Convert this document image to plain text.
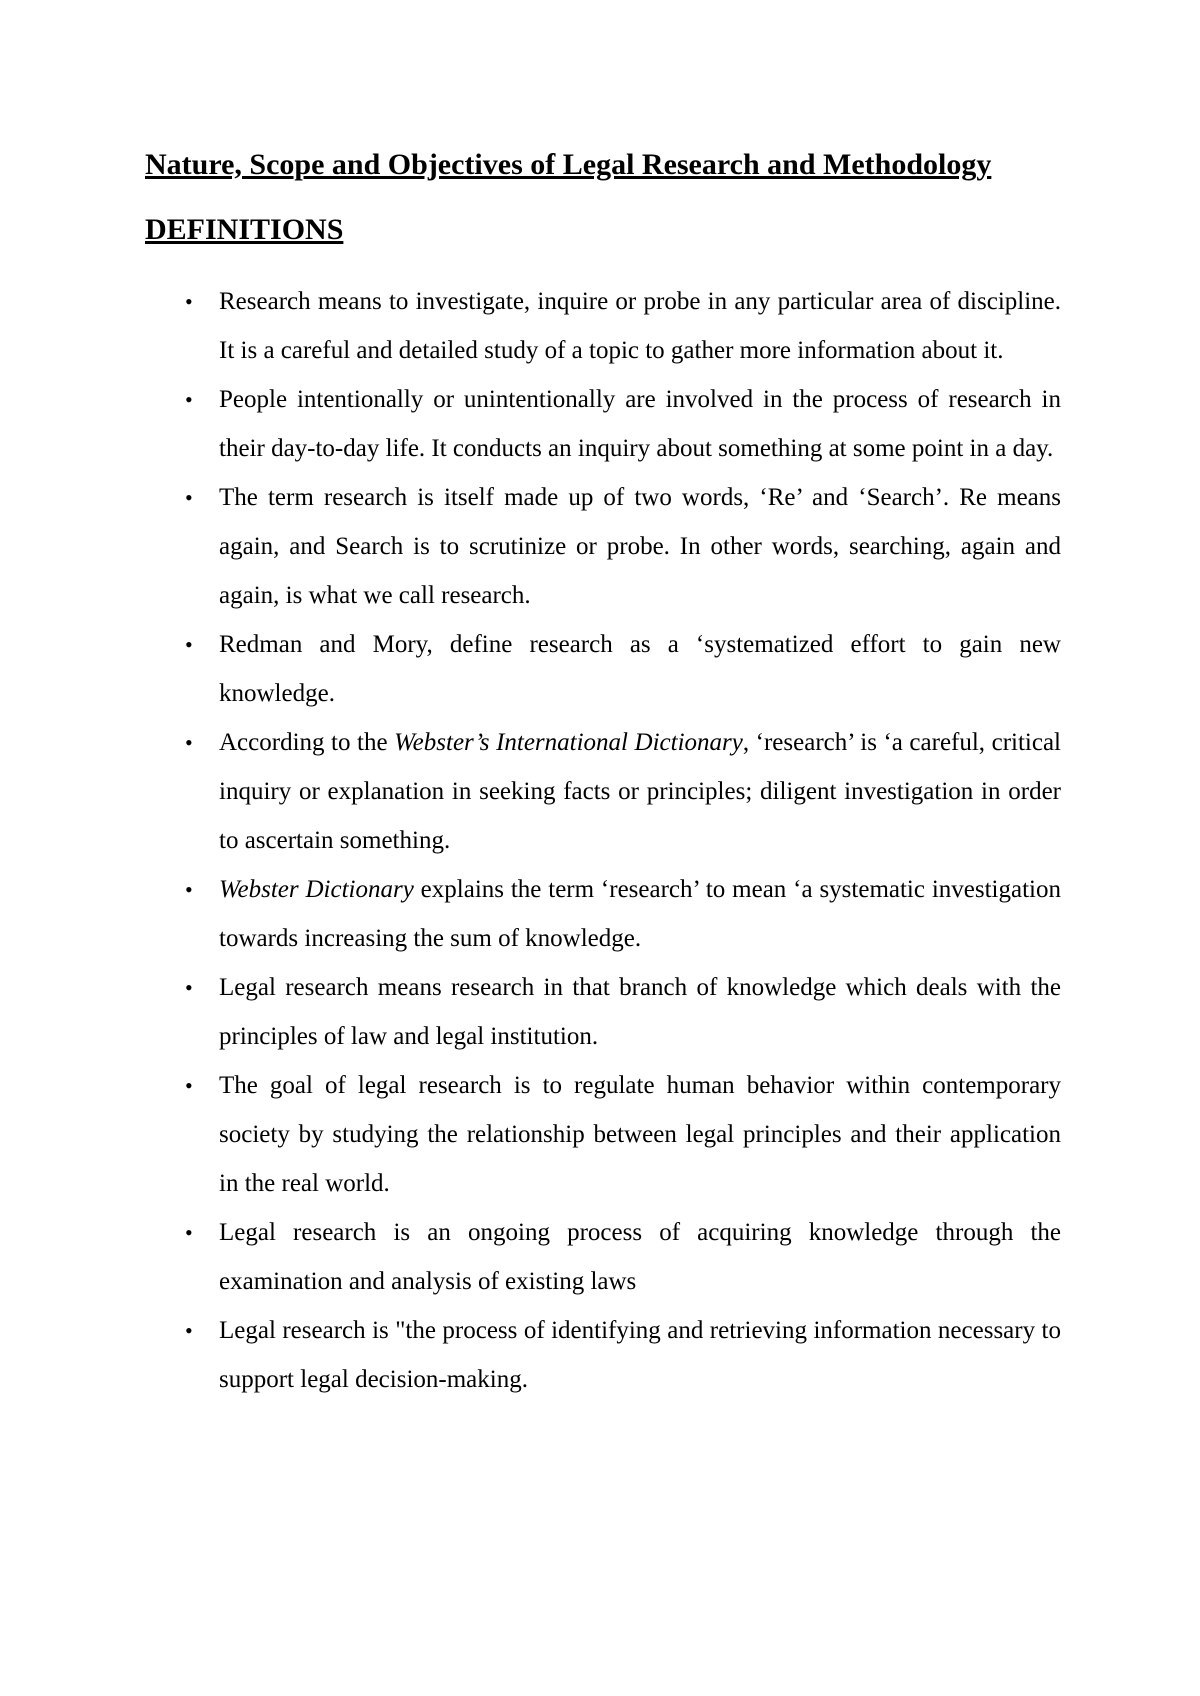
Nature, Scope and Objectives of Legal Research and Methodology
DEFINITIONS
• Research means to investigate, inquire or probe in any particular area of discipline. It is a careful and detailed study of a topic to gather more information about it.
• People intentionally or unintentionally are involved in the process of research in their day-to-day life. It conducts an inquiry about something at some point in a day.
• The term research is itself made up of two words, ‘Re’ and ‘Search’. Re means again, and Search is to scrutinize or probe. In other words, searching, again and again, is what we call research.
• Redman and Mory, define research as a ‘systematized effort to gain new knowledge.
• According to the Webster’s International Dictionary, ‘research’ is ‘a careful, critical inquiry or explanation in seeking facts or principles; diligent investigation in order to ascertain something.
• Webster Dictionary explains the term ‘research’ to mean ‘a systematic investigation towards increasing the sum of knowledge.
• Legal research means research in that branch of knowledge which deals with the principles of law and legal institution.
• The goal of legal research is to regulate human behavior within contemporary society by studying the relationship between legal principles and their application in the real world.
• Legal research is an ongoing process of acquiring knowledge through the examination and analysis of existing laws
• Legal research is "the process of identifying and retrieving information necessary to support legal decision-making.
